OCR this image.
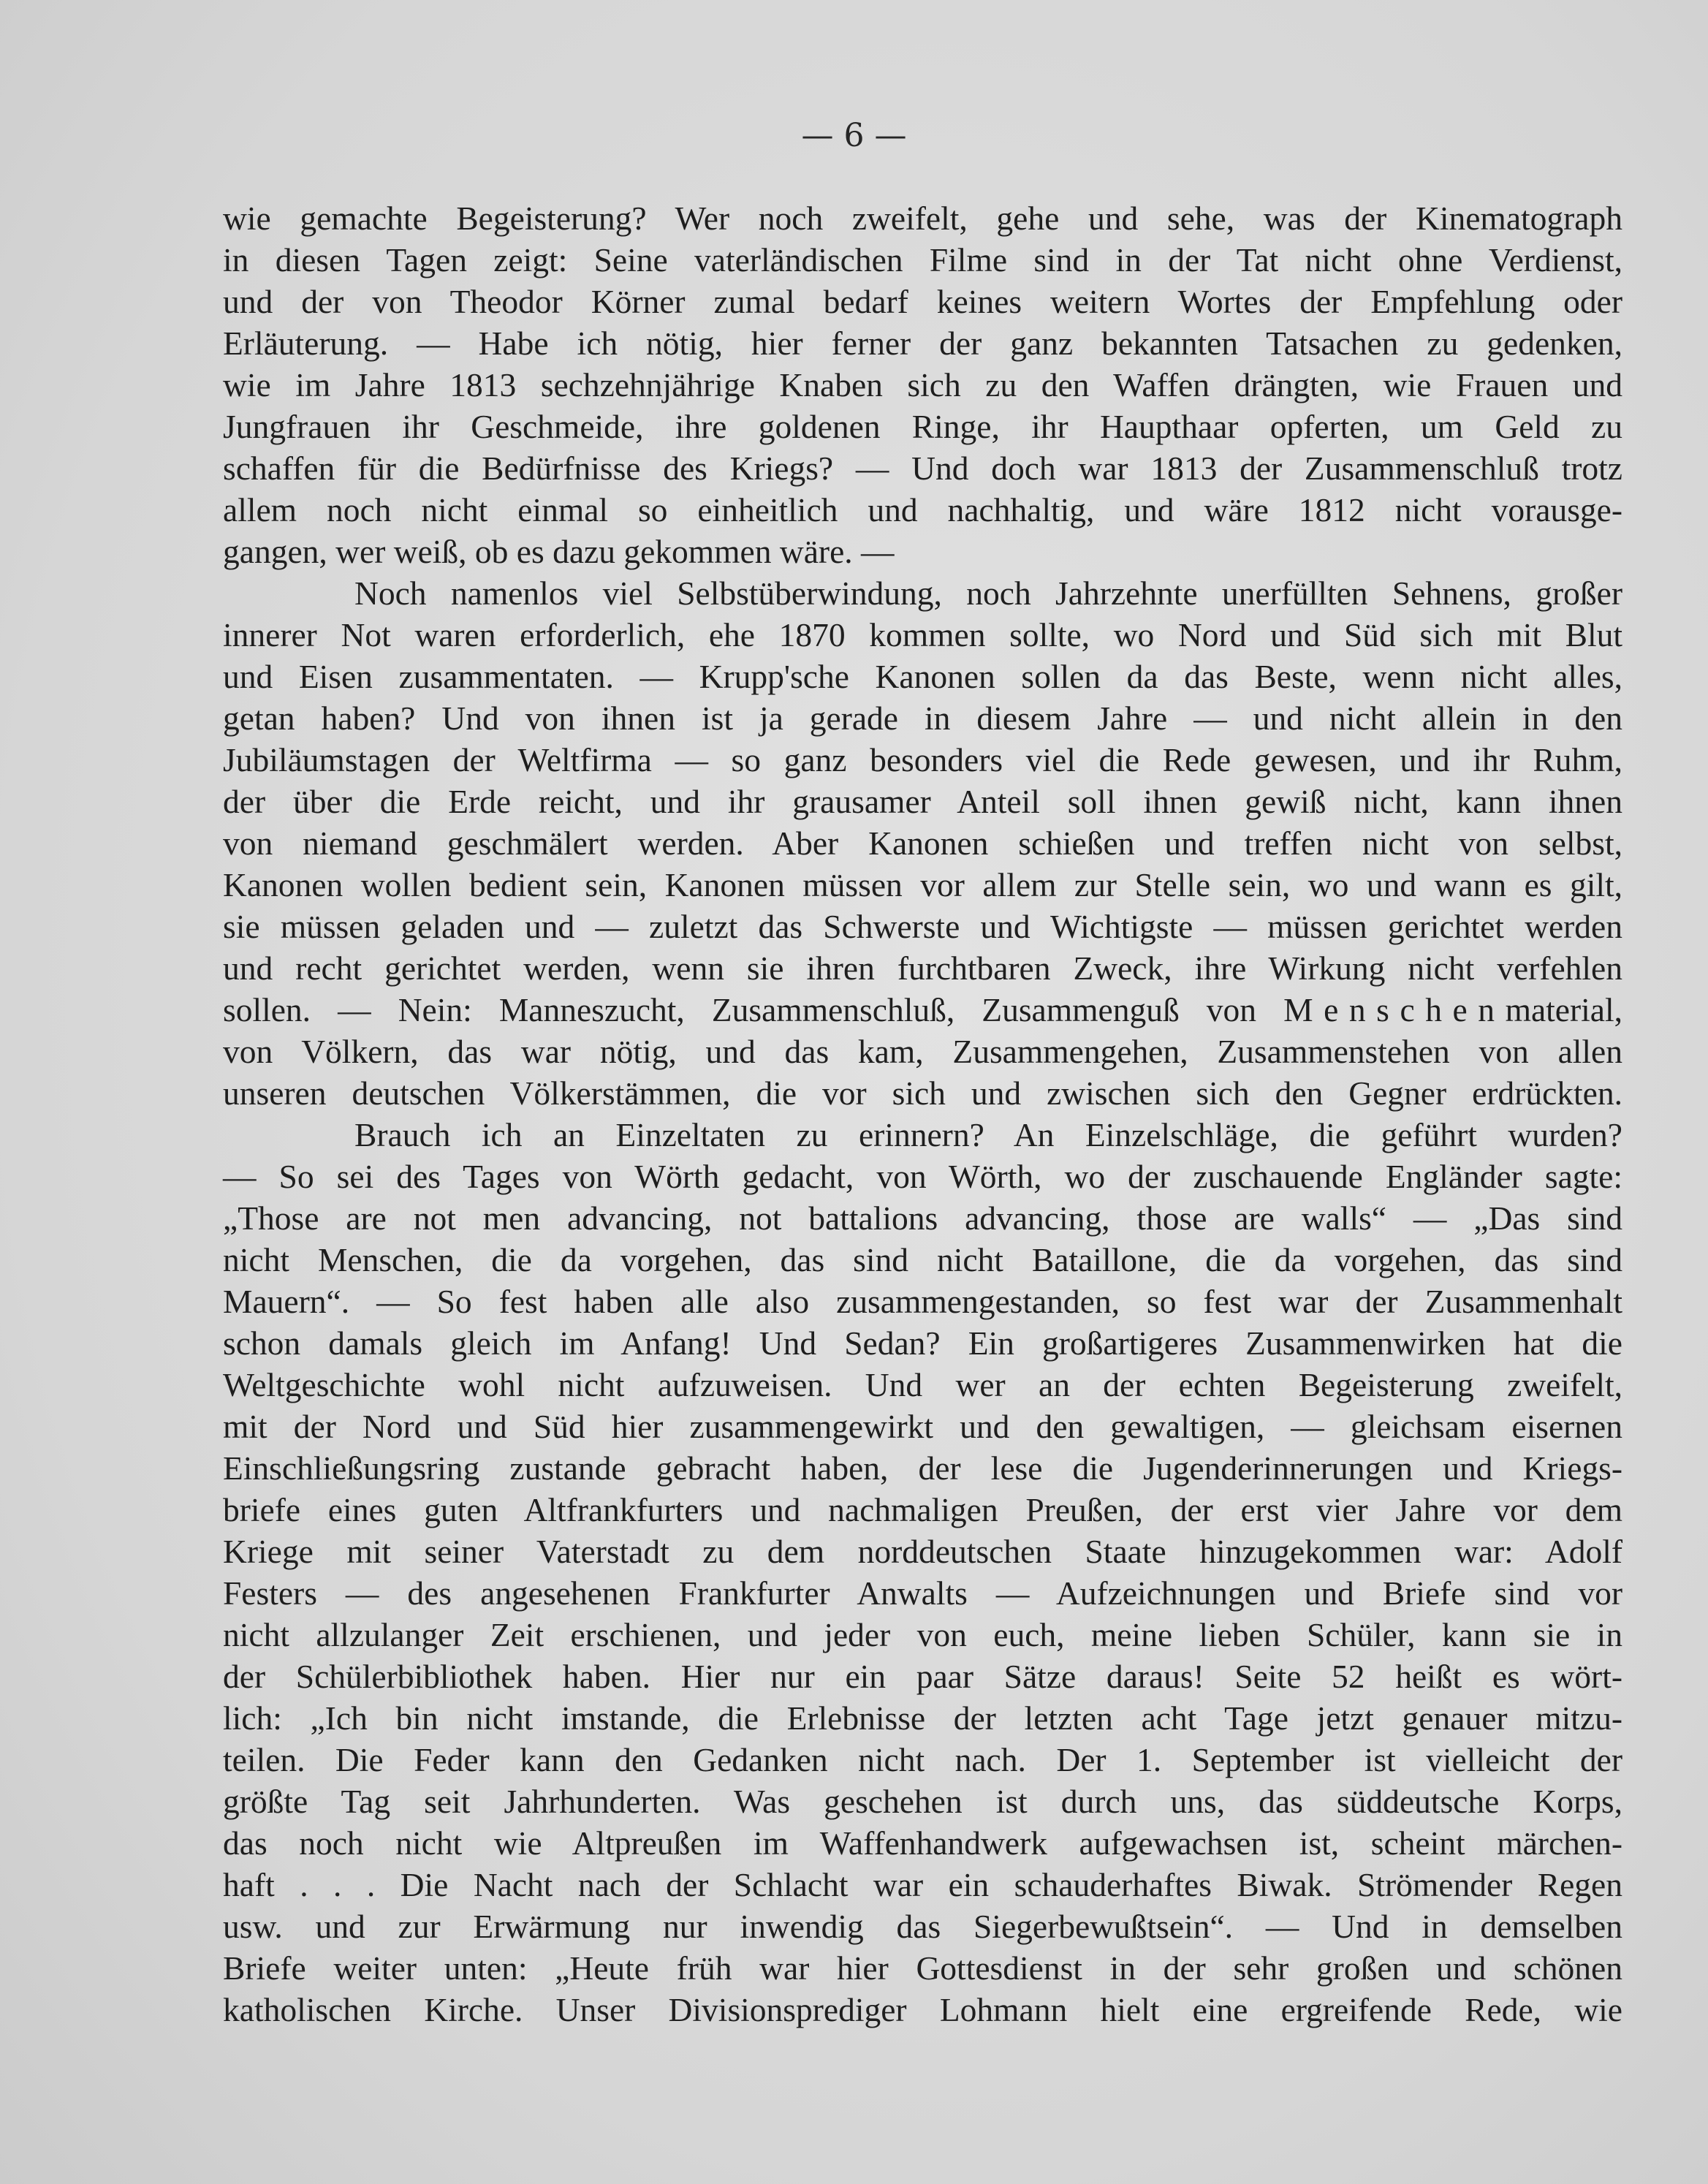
— 6 —
wie gemachte Begeisterung? Wer noch zweifelt, gehe und sehe, was der Kinematograph
in diesen Tagen zeigt: Seine vaterländischen Filme sind in der Tat nicht ohne Verdienst,
und der von Theodor Körner zumal bedarf keines weitern Wortes der Empfehlung oder
Erläuterung. — Habe ich nötig, hier ferner der ganz bekannten Tatsachen zu gedenken,
wie im Jahre 1813 sechzehnjährige Knaben sich zu den Waffen drängten, wie Frauen und
Jungfrauen ihr Geschmeide, ihre goldenen Ringe, ihr Haupthaar opferten, um Geld zu
schaffen für die Bedürfnisse des Kriegs? — Und doch war 1813 der Zusammenschluß trotz
allem noch nicht einmal so einheitlich und nachhaltig, und wäre 1812 nicht vorausge-
gangen, wer weiß, ob es dazu gekommen wäre. —
Noch namenlos viel Selbstüberwindung, noch Jahrzehnte unerfüllten Sehnens, großer
innerer Not waren erforderlich, ehe 1870 kommen sollte, wo Nord und Süd sich mit Blut
und Eisen zusammentaten. — Krupp'sche Kanonen sollen da das Beste, wenn nicht alles,
getan haben? Und von ihnen ist ja gerade in diesem Jahre — und nicht allein in den
Jubiläumstagen der Weltfirma — so ganz besonders viel die Rede gewesen, und ihr Ruhm,
der über die Erde reicht, und ihr grausamer Anteil soll ihnen gewiß nicht, kann ihnen
von niemand geschmälert werden. Aber Kanonen schießen und treffen nicht von selbst,
Kanonen wollen bedient sein, Kanonen müssen vor allem zur Stelle sein, wo und wann es gilt,
sie müssen geladen und — zuletzt das Schwerste und Wichtigste — müssen gerichtet werden
und recht gerichtet werden, wenn sie ihren furchtbaren Zweck, ihre Wirkung nicht verfehlen
sollen. — Nein: Manneszucht, Zusammenschluß, Zusammenguß von Menschenmaterial,
von Völkern, das war nötig, und das kam, Zusammengehen, Zusammenstehen von allen
unseren deutschen Völkerstämmen, die vor sich und zwischen sich den Gegner erdrückten.
Brauch ich an Einzeltaten zu erinnern? An Einzelschläge, die geführt wurden?
— So sei des Tages von Wörth gedacht, von Wörth, wo der zuschauende Engländer sagte:
„Those are not men advancing, not battalions advancing, those are walls“ — „Das sind
nicht Menschen, die da vorgehen, das sind nicht Bataillone, die da vorgehen, das sind
Mauern“. — So fest haben alle also zusammengestanden, so fest war der Zusammenhalt
schon damals gleich im Anfang! Und Sedan? Ein großartigeres Zusammenwirken hat die
Weltgeschichte wohl nicht aufzuweisen. Und wer an der echten Begeisterung zweifelt,
mit der Nord und Süd hier zusammengewirkt und den gewaltigen, — gleichsam eisernen
Einschließungsring zustande gebracht haben, der lese die Jugenderinnerungen und Kriegs-
briefe eines guten Altfrankfurters und nachmaligen Preußen, der erst vier Jahre vor dem
Kriege mit seiner Vaterstadt zu dem norddeutschen Staate hinzugekommen war: Adolf
Festers — des angesehenen Frankfurter Anwalts — Aufzeichnungen und Briefe sind vor
nicht allzulanger Zeit erschienen, und jeder von euch, meine lieben Schüler, kann sie in
der Schülerbibliothek haben. Hier nur ein paar Sätze daraus! Seite 52 heißt es wört-
lich: „Ich bin nicht imstande, die Erlebnisse der letzten acht Tage jetzt genauer mitzu-
teilen. Die Feder kann den Gedanken nicht nach. Der 1. September ist vielleicht der
größte Tag seit Jahrhunderten. Was geschehen ist durch uns, das süddeutsche Korps,
das noch nicht wie Altpreußen im Waffenhandwerk aufgewachsen ist, scheint märchen-
haft . . . Die Nacht nach der Schlacht war ein schauderhaftes Biwak. Strömender Regen
usw. und zur Erwärmung nur inwendig das Siegerbewußtsein“. — Und in demselben
Briefe weiter unten: „Heute früh war hier Gottesdienst in der sehr großen und schönen
katholischen Kirche. Unser Divisionsprediger Lohmann hielt eine ergreifende Rede, wie
